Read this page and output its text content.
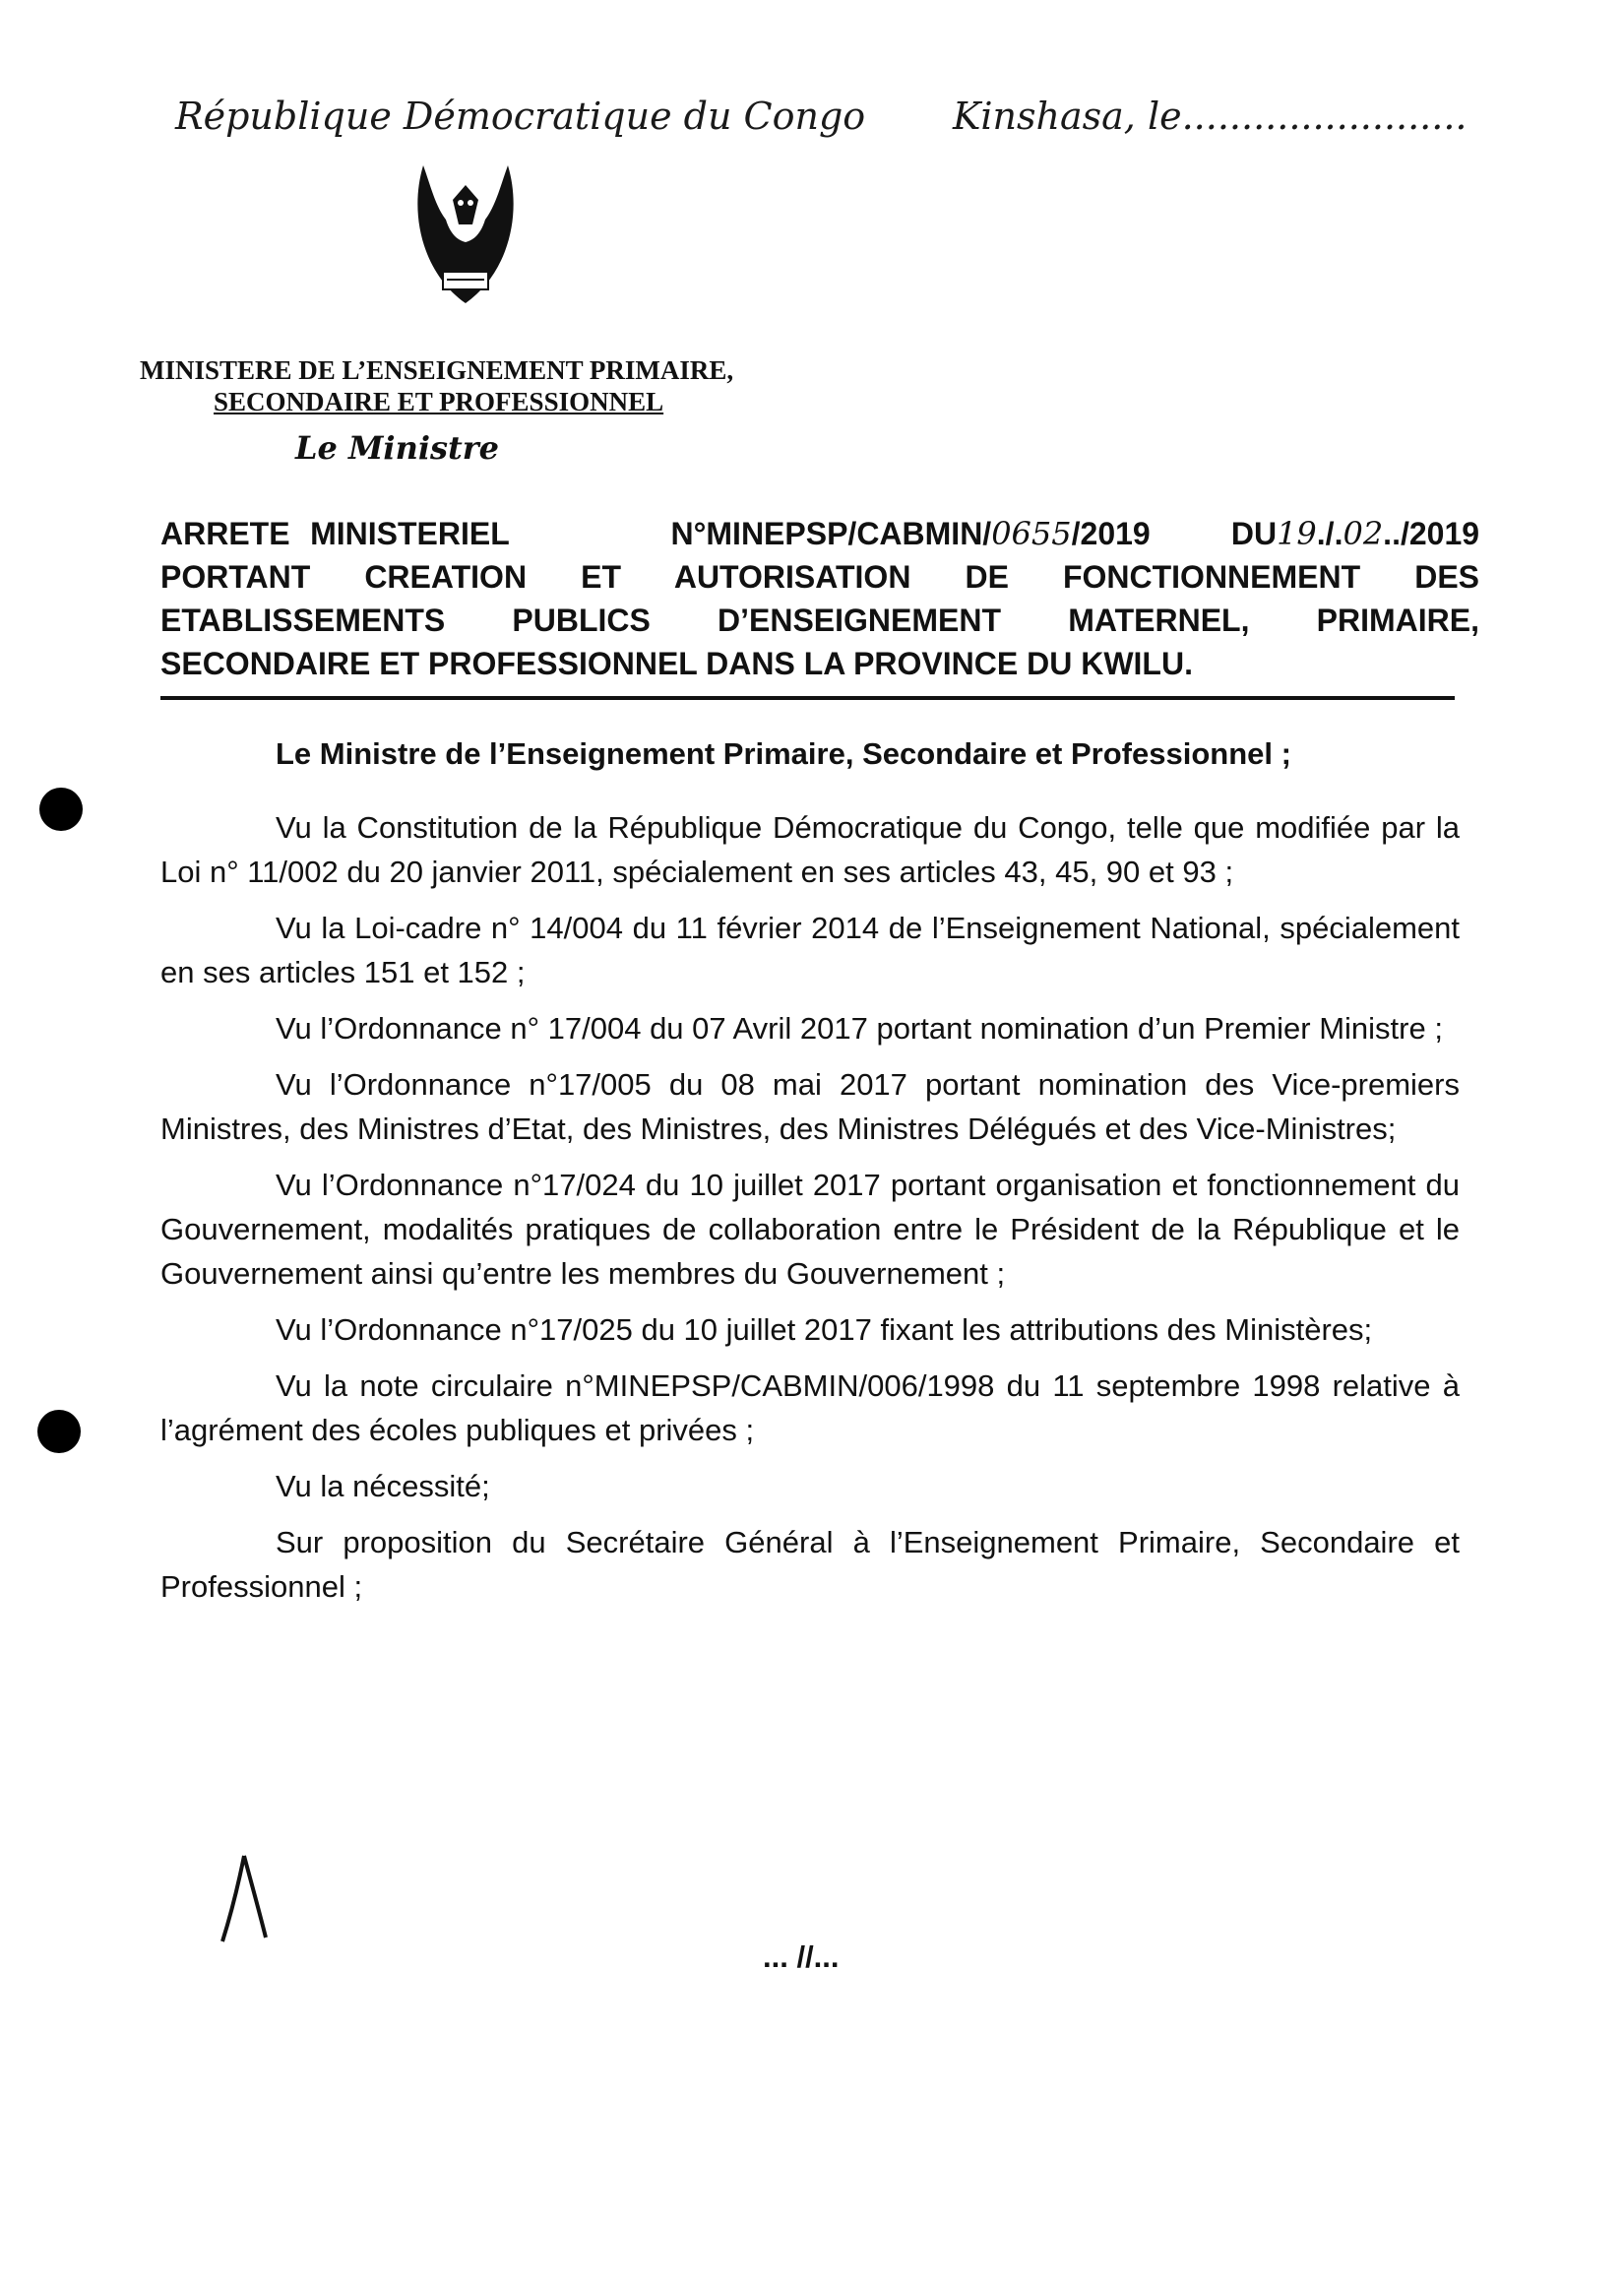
République Démocratique du Congo Kinshasa, le........................
MINISTERE DE L’ENSEIGNEMENT PRIMAIRE,
SECONDAIRE ET PROFESSIONNEL
Le Ministre
ARRETE MINISTERIEL	N°MINEPSP/CABMIN/0655/2019	DU19./.02../2019
PORTANT CREATION ET AUTORISATION DE FONCTIONNEMENT DES
ETABLISSEMENTS PUBLICS D’ENSEIGNEMENT MATERNEL, PRIMAIRE,
SECONDAIRE ET PROFESSIONNEL DANS LA PROVINCE DU KWILU.
Le Ministre de l’Enseignement Primaire, Secondaire et Professionnel ;

Vu la Constitution de la République Démocratique du Congo, telle que modifiée par la Loi n° 11/002 du 20 janvier 2011, spécialement en ses articles 43, 45, 90 et 93 ;

Vu la Loi-cadre n° 14/004 du 11 février 2014 de l’Enseignement National, spécialement en ses articles 151 et 152 ;

Vu l’Ordonnance n° 17/004 du 07 Avril 2017 portant nomination d’un Premier Ministre ;

Vu l’Ordonnance n°17/005 du 08 mai 2017 portant nomination des Vice-premiers Ministres, des Ministres d’Etat, des Ministres, des Ministres Délégués et des Vice-Ministres;

Vu l’Ordonnance n°17/024 du 10 juillet 2017 portant organisation et fonctionnement du Gouvernement, modalités pratiques de collaboration entre le Président de la République et le Gouvernement ainsi qu’entre les membres du Gouvernement ;

Vu l’Ordonnance n°17/025 du 10 juillet 2017 fixant les attributions des Ministères;

Vu la note circulaire n°MINEPSP/CABMIN/006/1998 du 11 septembre 1998 relative à l’agrément des écoles publiques et privées ;

Vu la nécessité;

Sur proposition du Secrétaire Général à l’Enseignement Primaire, Secondaire et Professionnel ;

... //...
